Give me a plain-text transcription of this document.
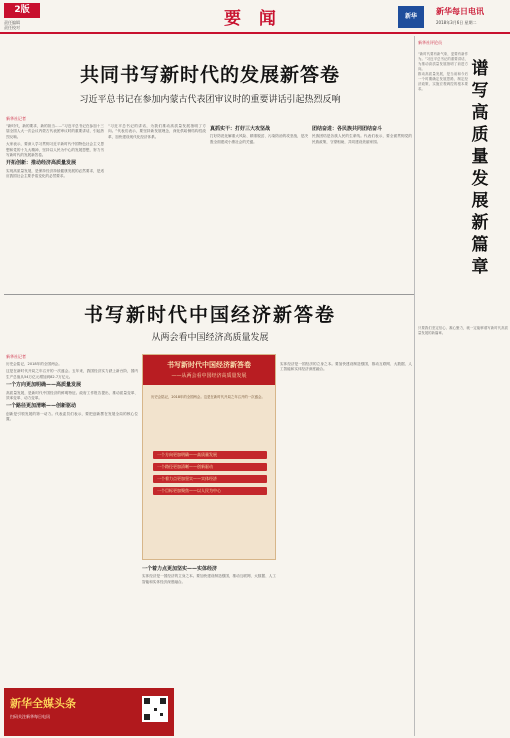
2版
责任编辑
责任校对	要 闻	新华
新华每日电讯
2018年3月6日 星期二
共同书写新时代的发展新答卷
习近平总书记在参加内蒙古代表团审议时的重要讲话引起热烈反响
新华社记者

“新时代，新的要求，新的担当……”习近平总书记在参加十三届全国人大一次会议内蒙古代表团审议时的重要讲话，引起热烈反响。

大家表示，要深入学习贯彻习近平新时代中国特色社会主义思想和党的十九大精神，坚持以人民为中心的发展思想，努力书写新时代的发展新答卷。

开拓创新：推动经济高质量发展

实现高质量发展，是保持经济持续健康发展的必然要求，是适应我国社会主要矛盾变化的必然要求。

“习近平总书记的讲话，为我们推动高质量发展指明了方向。”代表们表示，要坚持新发展理念，深化供给侧结构性改革，加快建设现代化经济体系。

真抓实干：打好三大攻坚战

打好防范化解重大风险、精准脱贫、污染防治的攻坚战，是决胜全面建成小康社会的关键。

团结奋进：各民族共同团结奋斗

民族团结是各族人民的生命线。代表们表示，要全面贯彻党的民族政策，守望相助，共同建设美丽家园。

新华社评论员

“新时代要有新气象，更要有新作为。”习近平总书记的重要讲话，为推动高质量发展指明了前进方向。

推动高质量发展，是当前和今后一个时期确定发展思路、制定经济政策、实施宏观调控的根本要求。

只要我们坚定信心、凝心聚力，就一定能够谱写新时代高质量发展的新篇章。

谱写高质量发展新篇章
书写新时代中国经济新答卷
从两会看中国经济高质量发展
新华社记者

历史会铭记，2018年的全国两会。

这是在新时代开局之年召开的一次盛会。五年来，我国经济实力跃上新台阶，国内生产总值从54万亿元增加到82.7万亿元。

一个方向更加明确——高质量发展

高质量发展，是新时代中国经济的鲜明特征。政府工作报告提出，推动质量变革、效率变革、动力变革。

一个路径更加清晰——创新驱动

创新是引领发展的第一动力。代表委员们表示，要把创新摆在发展全局的核心位置。

一个着力点更加坚实——实体经济

实体经济是一国经济的立身之本。要加快建设制造强国，推动互联网、大数据、人工智能和实体经济深度融合。

实体经济是一国经济的立身之本。要加快建设制造强国，推动互联网、大数据、人工智能和实体经济深度融合。

书写新时代中国经济新答卷
——从两会看中国经济高质量发展
历史会铭记，2018年的全国两会。这是在新时代开局之年召开的一次盛会。
一个方向更加明确——高质量发展
一个路径更加清晰——创新驱动
一个着力点更加坚实——实体经济
一个目标更加聚焦——以人民为中心
新华全媒头条
扫码关注新华每日电讯
